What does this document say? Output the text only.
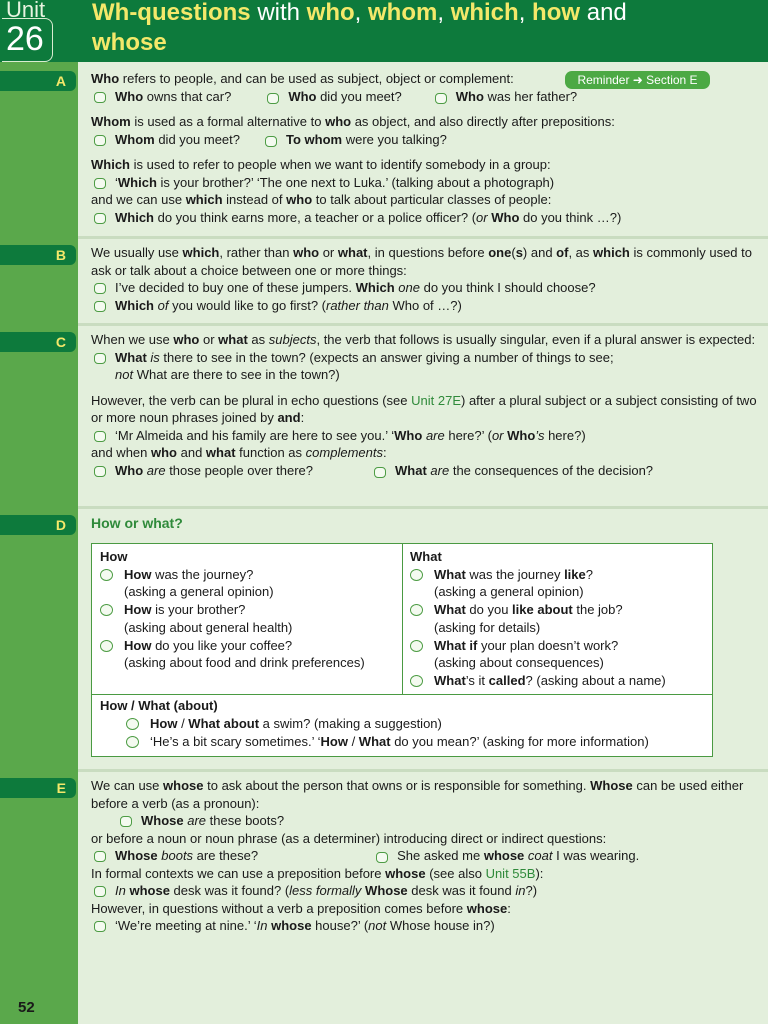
Unit
26
Wh-questions with who, whom, which, how and
whose
A
B
C
D
E
Reminder ➜ Section E

Who refers to people, and can be used as subject, object or complement:

Who owns that car?	Who did you meet?	Who was her father?

Whom is used as a formal alternative to who as object, and also directly after prepositions:

Whom did you meet?	To whom were you talking?

Which is used to refer to people when we want to identify somebody in a group:

‘Which is your brother?’ ‘The one next to Luka.’ (talking about a photograph)

and we can use which instead of who to talk about particular classes of people:

Which do you think earns more, a teacher or a police officer? (or Who do you think …?)

We usually use which, rather than who or what, in questions before one(s) and of, as which is commonly used to ask or talk about a choice between one or more things:

I’ve decided to buy one of these jumpers. Which one do you think I should choose?

Which of you would like to go first? (rather than Who of …?)

When we use who or what as subjects, the verb that follows is usually singular, even if a plural answer is expected:

What is there to see in the town? (expects an answer giving a number of things to see;
not What are there to see in the town?)

However, the verb can be plural in echo questions (see Unit 27E) after a plural subject or a subject consisting of two or more noun phrases joined by and:

‘Mr Almeida and his family are here to see you.’ ‘Who are here?’ (or Who’s here?)

and when who and what function as complements:

Who are those people over there?	What are the consequences of the decision?

How or what?

How
How was the journey?
(asking a general opinion)
How is your brother?
(asking about general health)
How do you like your coffee?
(asking about food and drink preferences)
What
What was the journey like?
(asking a general opinion)
What do you like about the job?
(asking for details)
What if your plan doesn’t work?
(asking about consequences)
What’s it called? (asking about a name)
How / What (about)
How / What about a swim? (making a suggestion)
‘He’s a bit scary sometimes.’ ‘How / What do you mean?’ (asking for more information)

We can use whose to ask about the person that owns or is responsible for something. Whose can be used either before a verb (as a pronoun):

Whose are these boots?

or before a noun or noun phrase (as a determiner) introducing direct or indirect questions:

Whose boots are these?	She asked me whose coat I was wearing.

In formal contexts we can use a preposition before whose (see also Unit 55B):

In whose desk was it found? (less formally Whose desk was it found in?)

However, in questions without a verb a preposition comes before whose:

‘We’re meeting at nine.’ ‘In whose house?’ (not Whose house in?)

52
